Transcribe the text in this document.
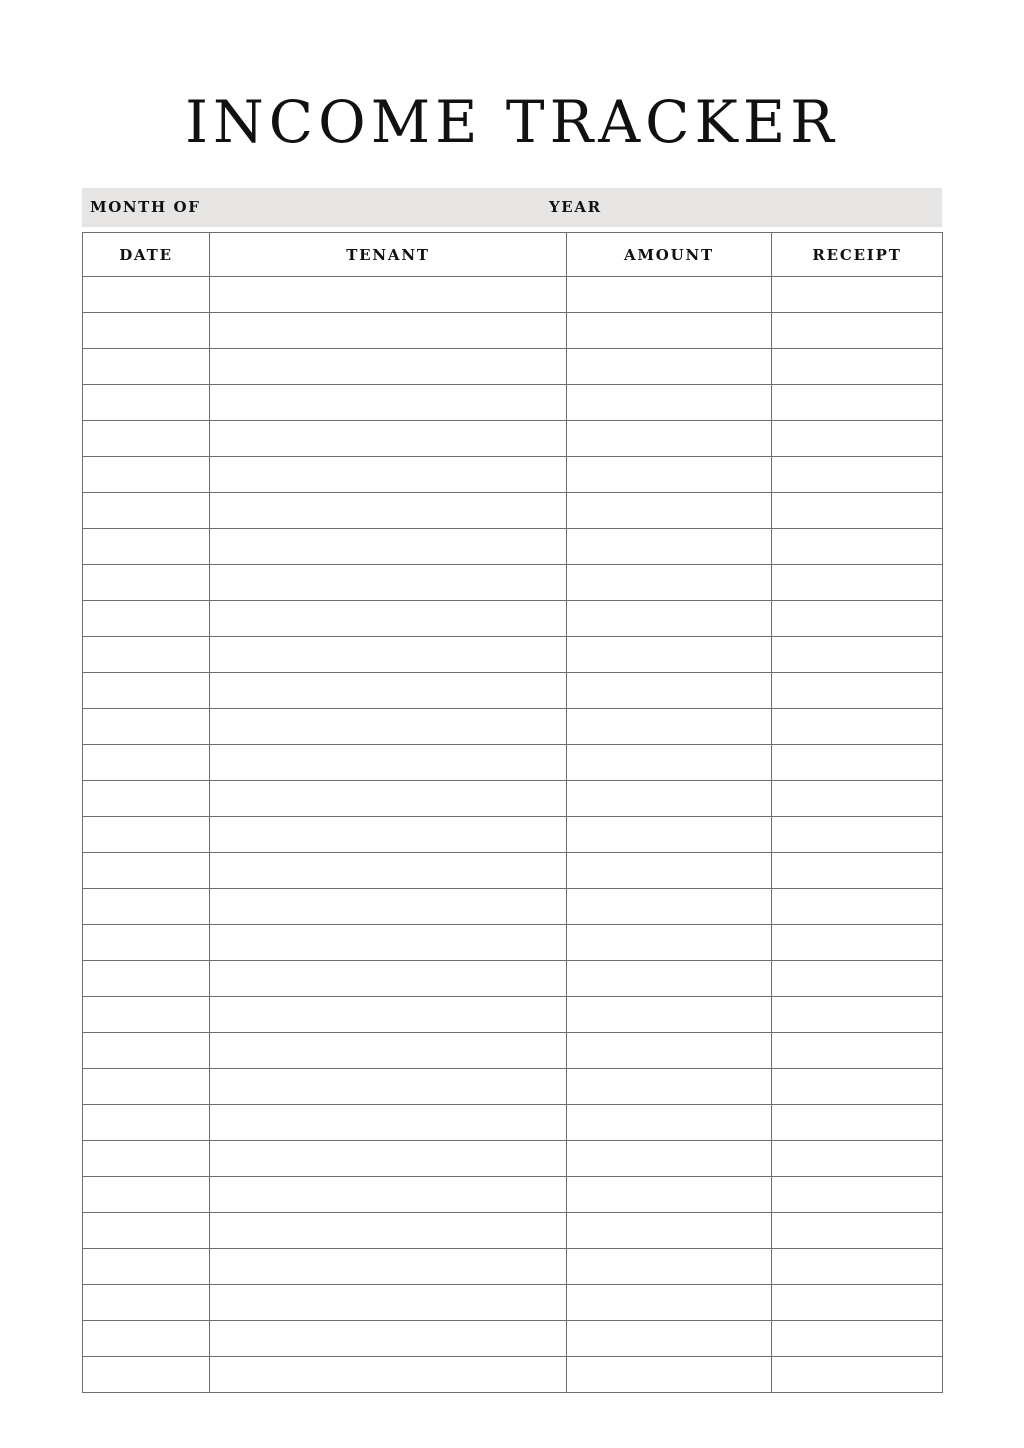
INCOME TRACKER
MONTH OF	YEAR
DATE	TENANT	AMOUNT	RECEIPT
